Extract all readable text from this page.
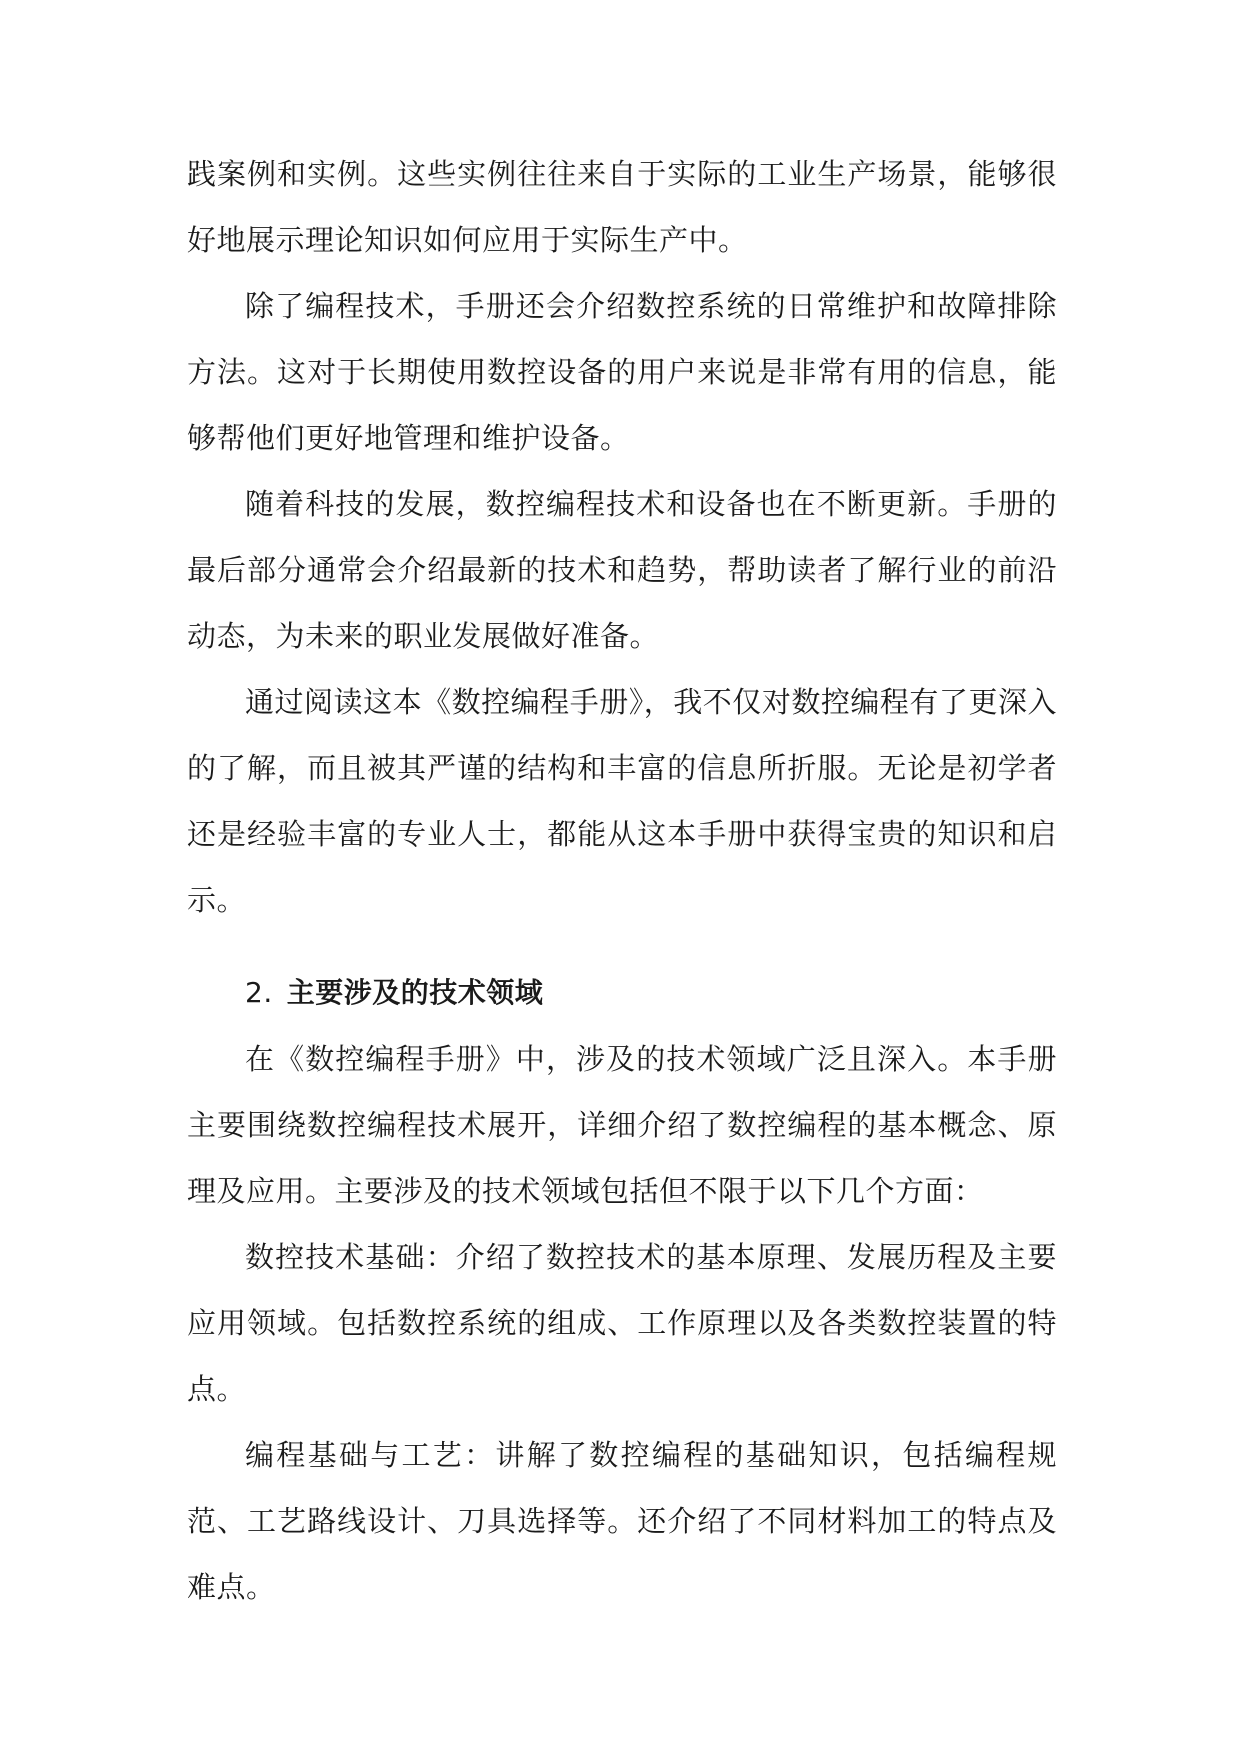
践案例和实例。这些实例往往来自于实际的工业生产场景，能够很好地展示理论知识如何应用于实际生产中。

除了编程技术，手册还会介绍数控系统的日常维护和故障排除方法。这对于长期使用数控设备的用户来说是非常有用的信息，能够帮他们更好地管理和维护设备。

随着科技的发展，数控编程技术和设备也在不断更新。手册的最后部分通常会介绍最新的技术和趋势，帮助读者了解行业的前沿动态，为未来的职业发展做好准备。

通过阅读这本《数控编程手册》，我不仅对数控编程有了更深入的了解，而且被其严谨的结构和丰富的信息所折服。无论是初学者还是经验丰富的专业人士，都能从这本手册中获得宝贵的知识和启示。

2. 主要涉及的技术领域

在《数控编程手册》中，涉及的技术领域广泛且深入。本手册主要围绕数控编程技术展开，详细介绍了数控编程的基本概念、原理及应用。主要涉及的技术领域包括但不限于以下几个方面：

数控技术基础：介绍了数控技术的基本原理、发展历程及主要应用领域。包括数控系统的组成、工作原理以及各类数控装置的特点。

编程基础与工艺：讲解了数控编程的基础知识，包括编程规范、工艺路线设计、刀具选择等。还介绍了不同材料加工的特点及难点。
